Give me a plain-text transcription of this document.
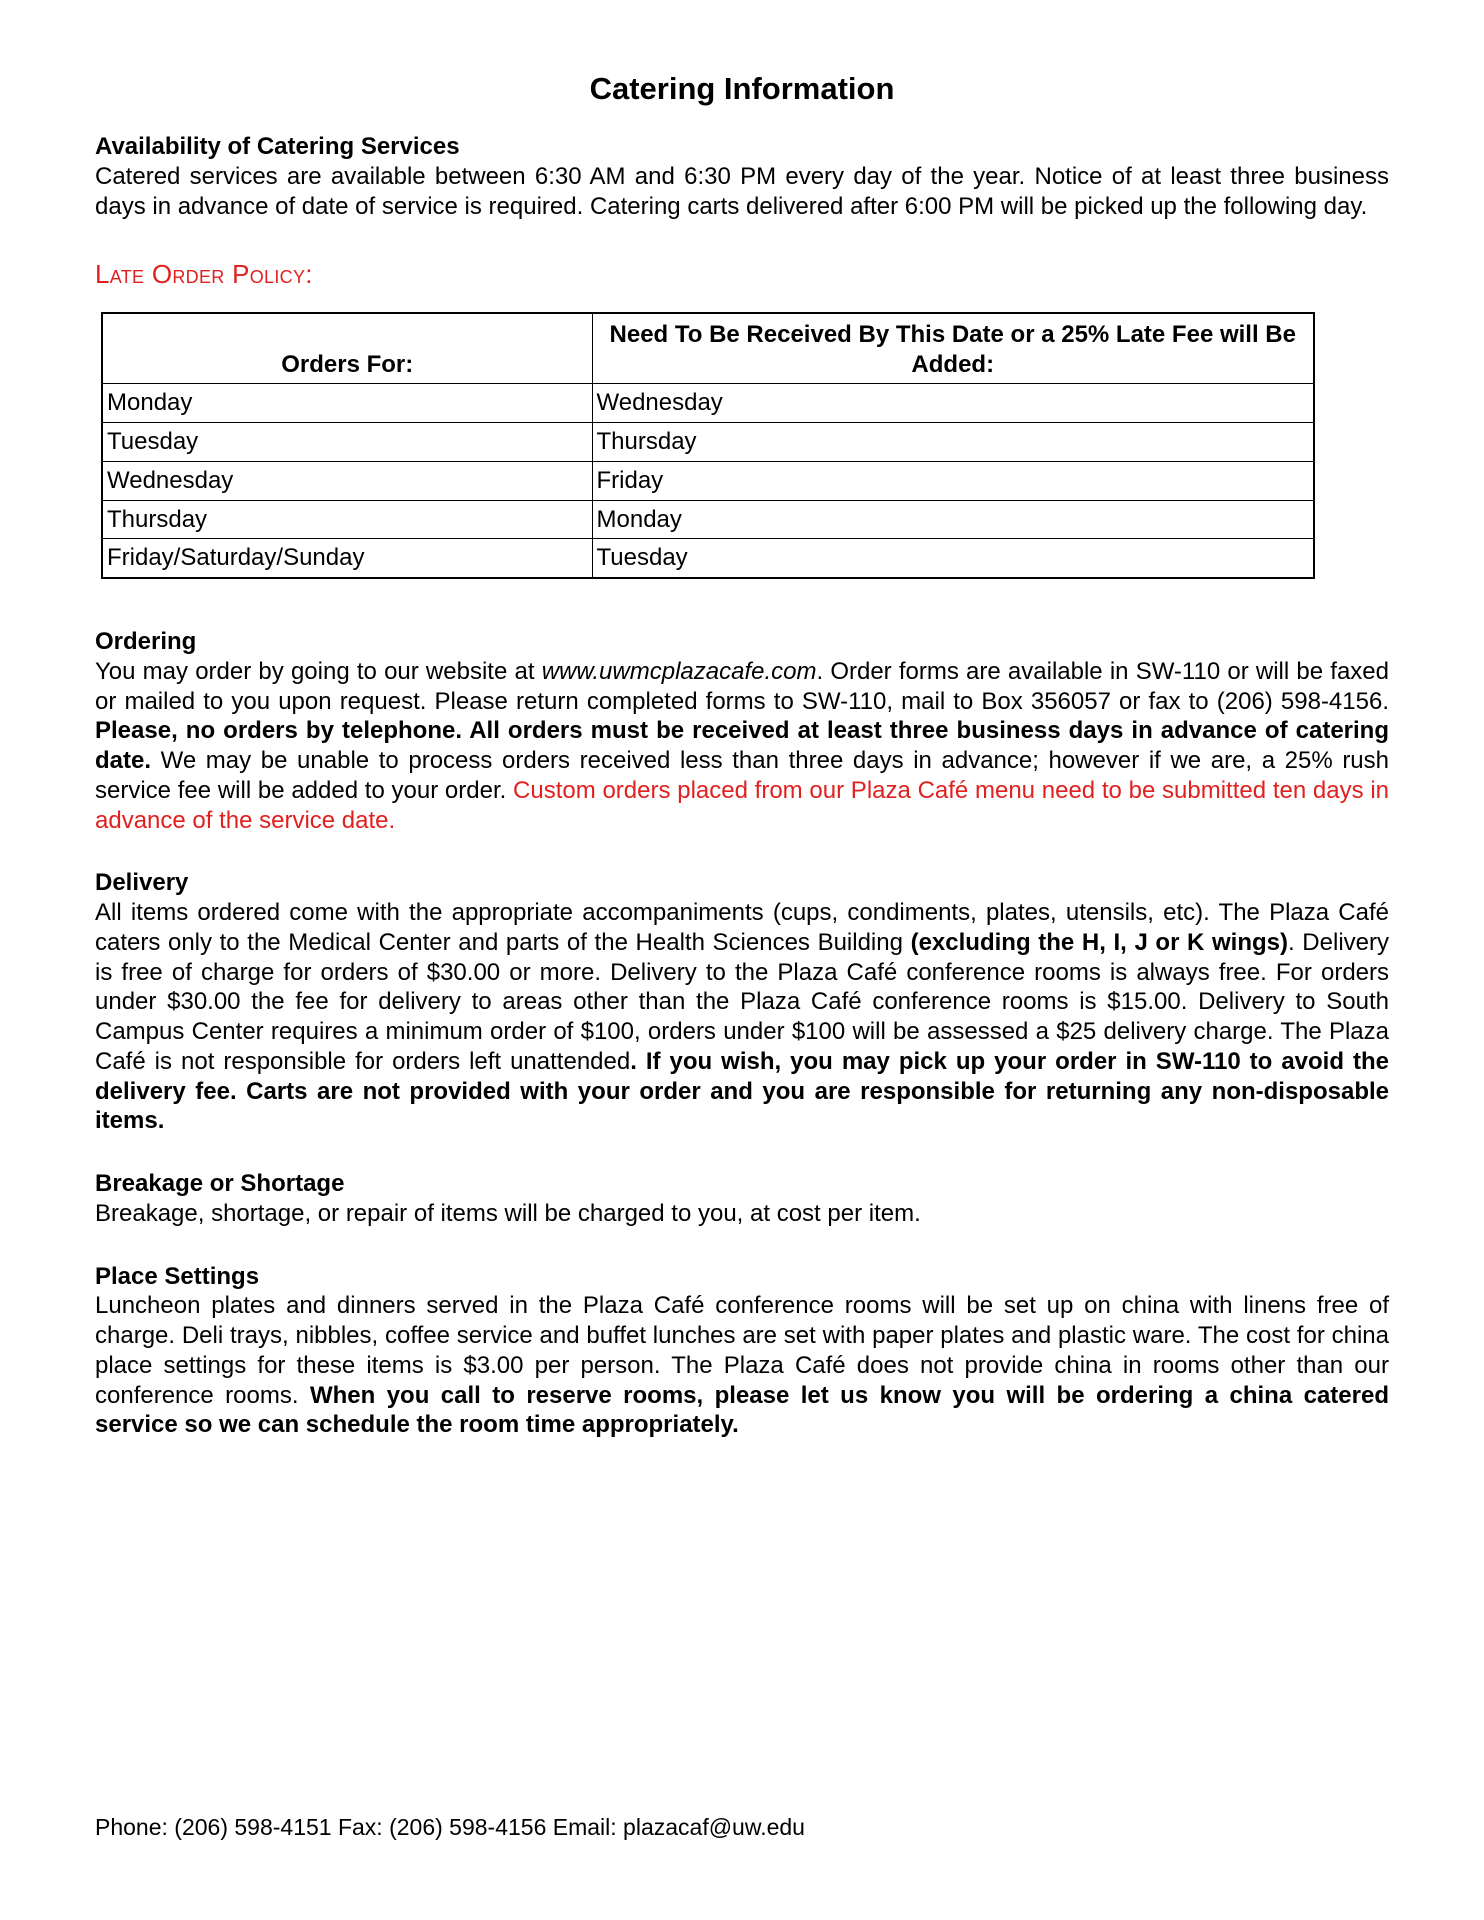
Catering Information
Availability of Catering Services

Catered services are available between 6:30 AM and 6:30 PM every day of the year. Notice of at least three business days in advance of date of service is required. Catering carts delivered after 6:00 PM will be picked up the following day.

Late Order Policy:
Orders For:	Need To Be Received By This Date or a 25% Late Fee will Be Added:
Monday	Wednesday
Tuesday	Thursday
Wednesday	Friday
Thursday	Monday
Friday/Saturday/Sunday	Tuesday
Ordering

You may order by going to our website at www.uwmcplazacafe.com. Order forms are available in SW-110 or will be faxed or mailed to you upon request. Please return completed forms to SW-110, mail to Box 356057 or fax to (206) 598-4156. Please, no orders by telephone. All orders must be received at least three business days in advance of catering date. We may be unable to process orders received less than three days in advance; however if we are, a 25% rush service fee will be added to your order. Custom orders placed from our Plaza Café menu need to be submitted ten days in advance of the service date.

Delivery

All items ordered come with the appropriate accompaniments (cups, condiments, plates, utensils, etc). The Plaza Café caters only to the Medical Center and parts of the Health Sciences Building (excluding the H, I, J or K wings). Delivery is free of charge for orders of $30.00 or more. Delivery to the Plaza Café conference rooms is always free. For orders under $30.00 the fee for delivery to areas other than the Plaza Café conference rooms is $15.00. Delivery to South Campus Center requires a minimum order of $100, orders under $100 will be assessed a $25 delivery charge. The Plaza Café is not responsible for orders left unattended. If you wish, you may pick up your order in SW-110 to avoid the delivery fee. Carts are not provided with your order and you are responsible for returning any non-disposable items.

Breakage or Shortage

Breakage, shortage, or repair of items will be charged to you, at cost per item.

Place Settings

Luncheon plates and dinners served in the Plaza Café conference rooms will be set up on china with linens free of charge. Deli trays, nibbles, coffee service and buffet lunches are set with paper plates and plastic ware. The cost for china place settings for these items is $3.00 per person. The Plaza Café does not provide china in rooms other than our conference rooms. When you call to reserve rooms, please let us know you will be ordering a china catered service so we can schedule the room time appropriately.

Phone: (206) 598-4151 Fax: (206) 598-4156 Email: plazacaf@uw.edu
